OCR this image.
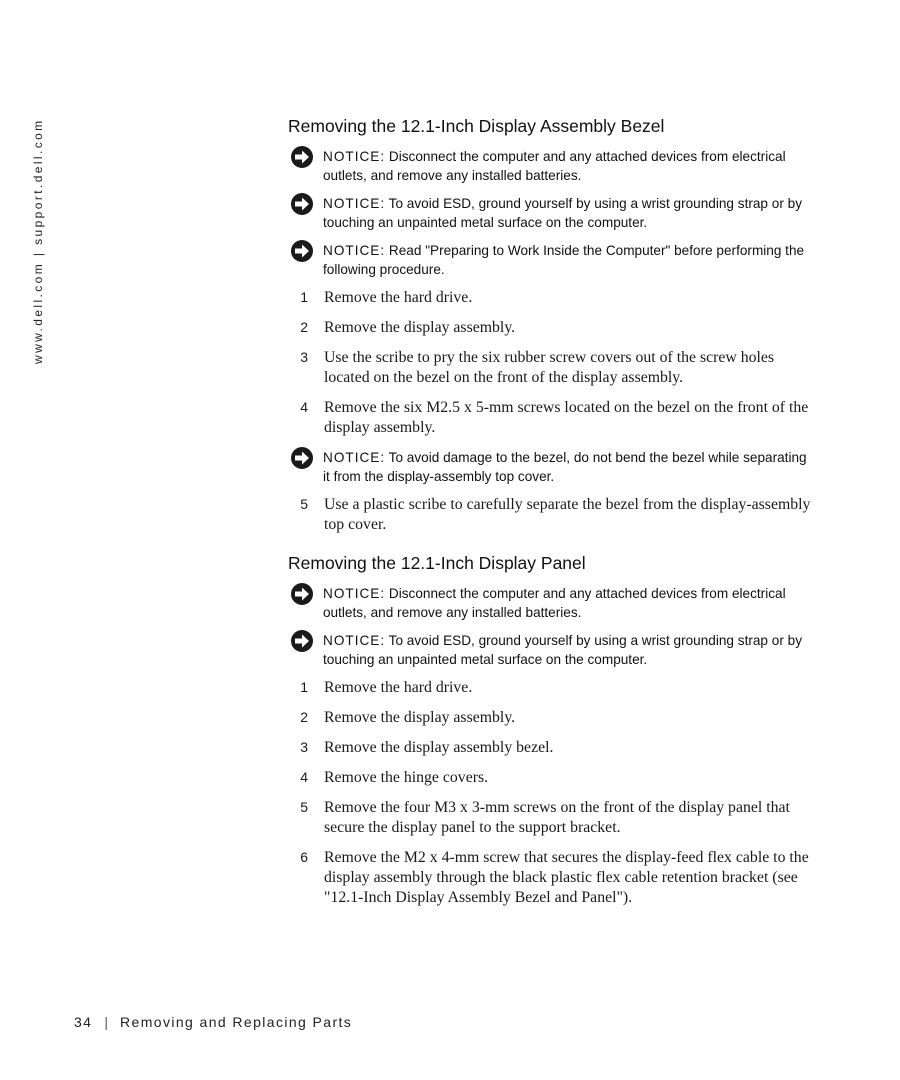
www.dell.com | support.dell.com	Removing the 12.1-Inch Display Assembly Bezel
NOTICE: Disconnect the computer and any attached devices from electrical outlets, and remove any installed batteries.
NOTICE: To avoid ESD, ground yourself by using a wrist grounding strap or by touching an unpainted metal surface on the computer.
NOTICE: Read "Preparing to Work Inside the Computer" before performing the following procedure.
1 Remove the hard drive.
2 Remove the display assembly.
3 Use the scribe to pry the six rubber screw covers out of the screw holes located on the bezel on the front of the display assembly.
4 Remove the six M2.5 x 5-mm screws located on the bezel on the front of the display assembly.
NOTICE: To avoid damage to the bezel, do not bend the bezel while separating it from the display-assembly top cover.
5 Use a plastic scribe to carefully separate the bezel from the display-assembly top cover.
Removing the 12.1-Inch Display Panel
NOTICE: Disconnect the computer and any attached devices from electrical outlets, and remove any installed batteries.
NOTICE: To avoid ESD, ground yourself by using a wrist grounding strap or by touching an unpainted metal surface on the computer.
1 Remove the hard drive.
2 Remove the display assembly.
3 Remove the display assembly bezel.
4 Remove the hinge covers.
5 Remove the four M3 x 3-mm screws on the front of the display panel that secure the display panel to the support bracket.
6 Remove the M2 x 4-mm screw that secures the display-feed flex cable to the display assembly through the black plastic flex cable retention bracket (see "12.1-Inch Display Assembly Bezel and Panel").
34 | Removing and Replacing Parts
